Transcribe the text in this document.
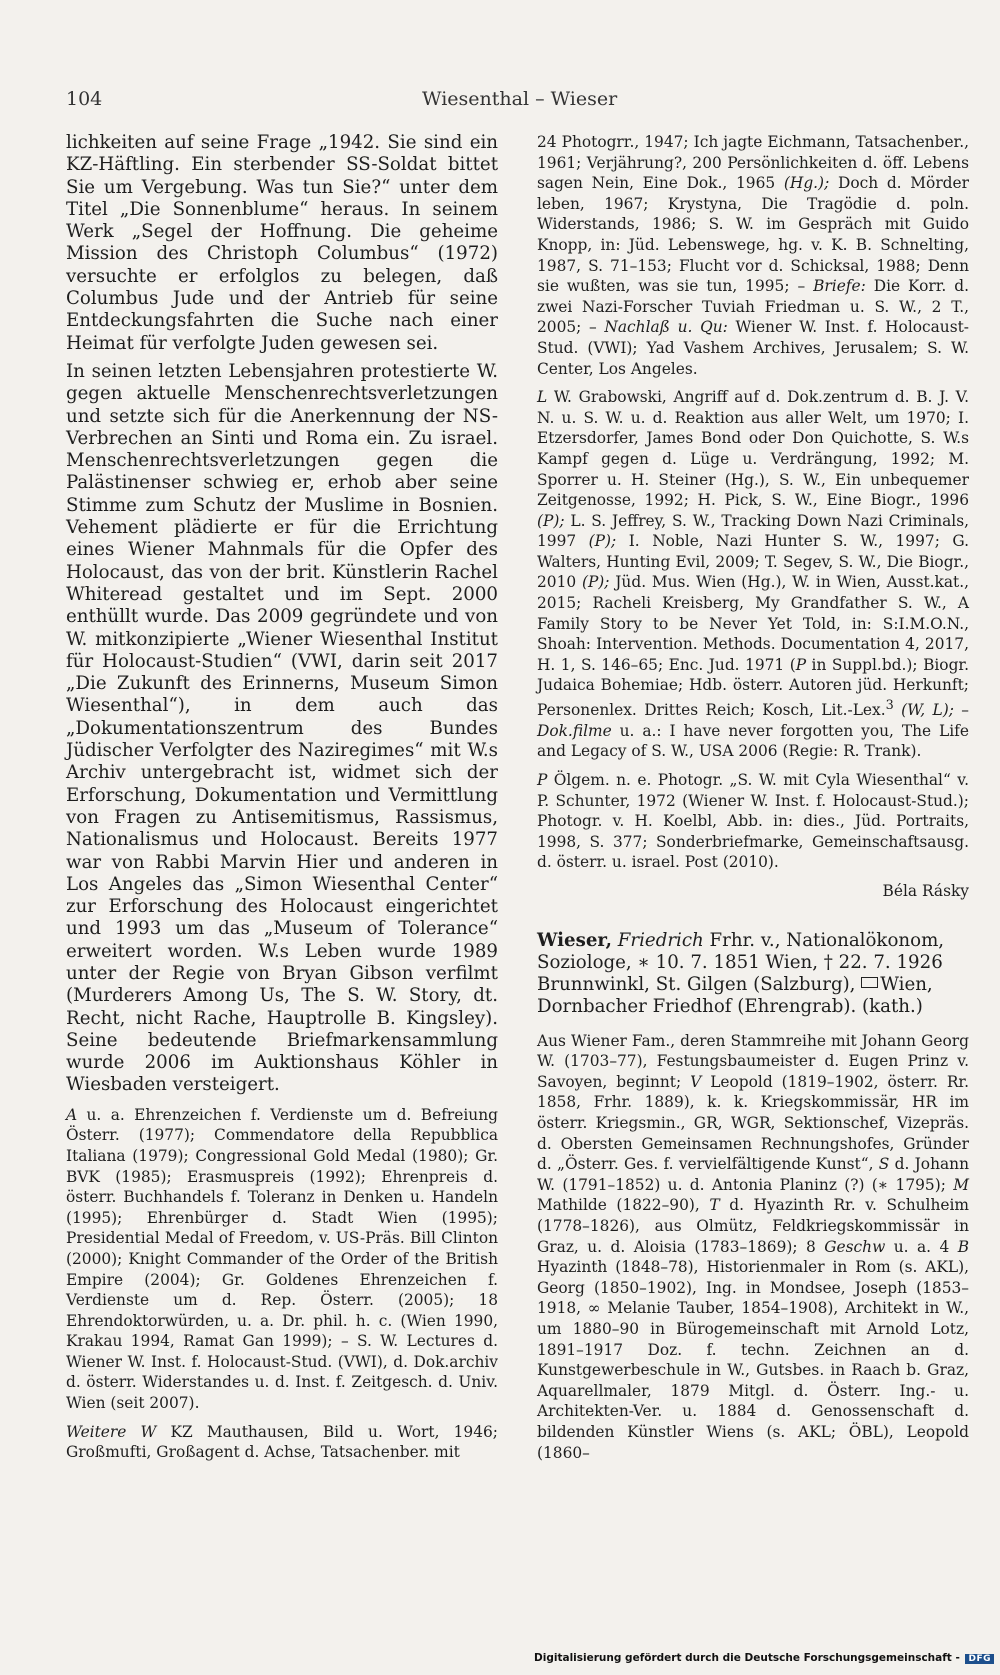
104	Wiesenthal – Wieser

lichkeiten auf seine Frage „1942. Sie sind ein KZ-Häftling. Ein sterbender SS-Soldat bittet Sie um Vergebung. Was tun Sie?“ unter dem Titel „Die Sonnenblume“ heraus. In seinem Werk „Segel der Hoffnung. Die geheime Mission des Christoph Columbus“ (1972) versuchte er erfolglos zu belegen, daß Columbus Jude und der Antrieb für seine Entdeckungsfahrten die Suche nach einer Heimat für verfolgte Juden gewesen sei.

In seinen letzten Lebensjahren protestierte W. gegen aktuelle Menschenrechtsverletzungen und setzte sich für die Anerkennung der NS-Verbrechen an Sinti und Roma ein. Zu israel. Menschenrechtsverletzungen gegen die Palästinenser schwieg er, erhob aber seine Stimme zum Schutz der Muslime in Bosnien. Vehement plädierte er für die Errichtung eines Wiener Mahnmals für die Opfer des Holocaust, das von der brit. Künstlerin Rachel Whiteread gestaltet und im Sept. 2000 enthüllt wurde. Das 2009 gegründete und von W. mitkonzipierte „Wiener Wiesenthal Institut für Holocaust-Studien“ (VWI, darin seit 2017 „Die Zukunft des Erinnerns, Museum Simon Wiesenthal“), in dem auch das „Dokumentationszentrum des Bundes Jüdischer Verfolgter des Naziregimes“ mit W.s Archiv untergebracht ist, widmet sich der Erforschung, Dokumentation und Vermittlung von Fragen zu Antisemitismus, Rassismus, Nationalismus und Holocaust. Bereits 1977 war von Rabbi Marvin Hier und anderen in Los Angeles das „Simon Wiesenthal Center“ zur Erforschung des Holocaust eingerichtet und 1993 um das „Museum of Tolerance“ erweitert worden. W.s Leben wurde 1989 unter der Regie von Bryan Gibson verfilmt (Murderers Among Us, The S. W. Story, dt. Recht, nicht Rache, Hauptrolle B. Kingsley). Seine bedeutende Briefmarkensammlung wurde 2006 im Auktionshaus Köhler in Wiesbaden versteigert.

A u. a. Ehrenzeichen f. Verdienste um d. Befreiung Österr. (1977); Commendatore della Repubblica Italiana (1979); Congressional Gold Medal (1980); Gr. BVK (1985); Erasmuspreis (1992); Ehrenpreis d. österr. Buchhandels f. Toleranz in Denken u. Handeln (1995); Ehrenbürger d. Stadt Wien (1995); Presidential Medal of Freedom, v. US-Präs. Bill Clinton (2000); Knight Commander of the Order of the British Empire (2004); Gr. Goldenes Ehrenzeichen f. Verdienste um d. Rep. Österr. (2005); 18 Ehrendoktorwürden, u. a. Dr. phil. h. c. (Wien 1990, Krakau 1994, Ramat Gan 1999); – S. W. Lectures d. Wiener W. Inst. f. Holocaust-Stud. (VWI), d. Dok.archiv d. österr. Widerstandes u. d. Inst. f. Zeitgesch. d. Univ. Wien (seit 2007).

Weitere W KZ Mauthausen, Bild u. Wort, 1946; Großmufti, Großagent d. Achse, Tatsachenber. mit

24 Photogrr., 1947; Ich jagte Eichmann, Tatsachenber., 1961; Verjährung?, 200 Persönlichkeiten d. öff. Lebens sagen Nein, Eine Dok., 1965 (Hg.); Doch d. Mörder leben, 1967; Krystyna, Die Tragödie d. poln. Widerstands, 1986; S. W. im Gespräch mit Guido Knopp, in: Jüd. Lebenswege, hg. v. K. B. Schnelting, 1987, S. 71–153; Flucht vor d. Schicksal, 1988; Denn sie wußten, was sie tun, 1995; – Briefe: Die Korr. d. zwei Nazi-Forscher Tuviah Friedman u. S. W., 2 T., 2005; – Nachlaß u. Qu: Wiener W. Inst. f. Holocaust-Stud. (VWI); Yad Vashem Archives, Jerusalem; S. W. Center, Los Angeles.

L W. Grabowski, Angriff auf d. Dok.zentrum d. B. J. V. N. u. S. W. u. d. Reaktion aus aller Welt, um 1970; I. Etzersdorfer, James Bond oder Don Quichotte, S. W.s Kampf gegen d. Lüge u. Verdrängung, 1992; M. Sporrer u. H. Steiner (Hg.), S. W., Ein unbequemer Zeitgenosse, 1992; H. Pick, S. W., Eine Biogr., 1996 (P); L. S. Jeffrey, S. W., Tracking Down Nazi Criminals, 1997 (P); I. Noble, Nazi Hunter S. W., 1997; G. Walters, Hunting Evil, 2009; T. Segev, S. W., Die Biogr., 2010 (P); Jüd. Mus. Wien (Hg.), W. in Wien, Ausst.kat., 2015; Racheli Kreisberg, My Grandfather S. W., A Family Story to be Never Yet Told, in: S:I.M.O.N., Shoah: Intervention. Methods. Documentation 4, 2017, H. 1, S. 146–65; Enc. Jud. 1971 (P in Suppl.bd.); Biogr. Judaica Bohemiae; Hdb. österr. Autoren jüd. Herkunft; Personenlex. Drittes Reich; Kosch, Lit.-Lex.$^3$ (W, L); – Dok.filme u. a.: I have never forgotten you, The Life and Legacy of S. W., USA 2006 (Regie: R. Trank).

P Ölgem. n. e. Photogr. „S. W. mit Cyla Wiesenthal“ v. P. Schunter, 1972 (Wiener W. Inst. f. Holocaust-Stud.); Photogr. v. H. Koelbl, Abb. in: dies., Jüd. Portraits, 1998, S. 377; Sonderbriefmarke, Gemeinschaftsausg. d. österr. u. israel. Post (2010).

Béla Rásky

Wieser, Friedrich Frhr. v., Nationalökonom, Soziologe, ∗ 10. 7. 1851 Wien, † 22. 7. 1926 Brunnwinkl, St. Gilgen (Salzburg), Wien, Dornbacher Friedhof (Ehrengrab). (kath.)

Aus Wiener Fam., deren Stammreihe mit Johann Georg W. (1703–77), Festungsbaumeister d. Eugen Prinz v. Savoyen, beginnt; V Leopold (1819–1902, österr. Rr. 1858, Frhr. 1889), k. k. Kriegskommissär, HR im österr. Kriegsmin., GR, WGR, Sektionschef, Vizepräs. d. Obersten Gemeinsamen Rechnungshofes, Gründer d. „Österr. Ges. f. vervielfältigende Kunst“, S d. Johann W. (1791–1852) u. d. Antonia Planinz (?) (∗ 1795); M Mathilde (1822–90), T d. Hyazinth Rr. v. Schulheim (1778–1826), aus Olmütz, Feldkriegskommissär in Graz, u. d. Aloisia (1783–1869); 8 Geschw u. a. 4 B Hyazinth (1848–78), Historienmaler in Rom (s. AKL), Georg (1850–1902), Ing. in Mondsee, Joseph (1853–1918, ∞ Melanie Tauber, 1854–1908), Architekt in W., um 1880–90 in Bürogemeinschaft mit Arnold Lotz, 1891–1917 Doz. f. techn. Zeichnen an d. Kunstgewerbeschule in W., Gutsbes. in Raach b. Graz, Aquarellmaler, 1879 Mitgl. d. Österr. Ing.- u. Architekten-Ver. u. 1884 d. Genossenschaft d. bildenden Künstler Wiens (s. AKL; ÖBL), Leopold (1860–

Digitalisierung gefördert durch die Deutsche Forschungsgemeinschaft - DFG
